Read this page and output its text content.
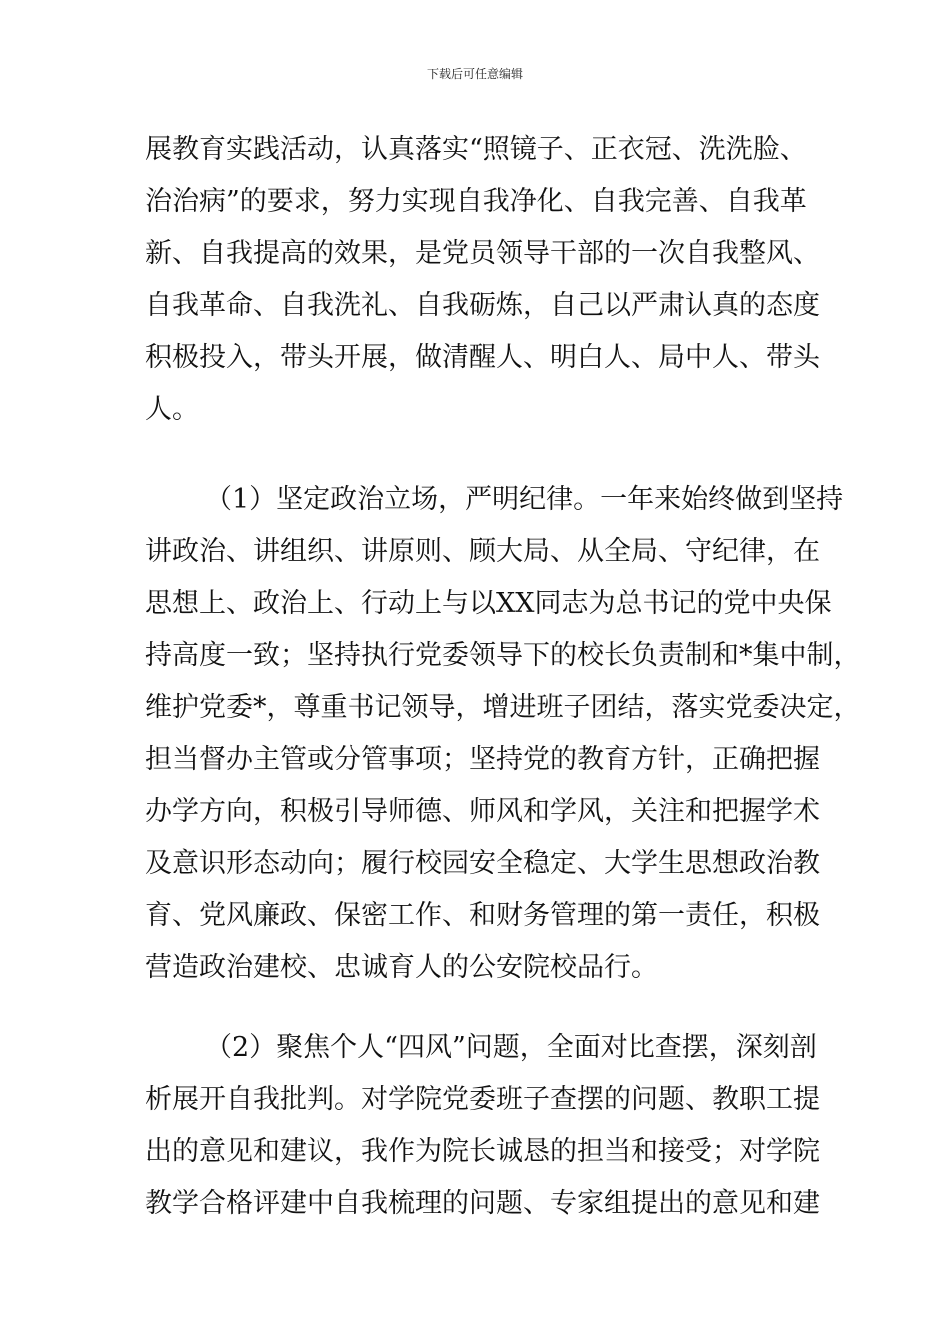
下载后可任意编辑
展教育实践活动，认真落实“照镜子、正衣冠、洗洗脸、
治治病”的要求，努力实现自我净化、自我完善、自我革
新、自我提高的效果，是党员领导干部的一次自我整风、
自我革命、自我洗礼、自我砺炼，自己以严肃认真的态度
积极投入，带头开展，做清醒人、明白人、局中人、带头
人。
（1）坚定政治立场，严明纪律。一年来始终做到坚持
讲政治、讲组织、讲原则、顾大局、从全局、守纪律，在
思想上、政治上、行动上与以XX同志为总书记的党中央保
持高度一致；坚持执行党委领导下的校长负责制和*集中制，
维护党委*，尊重书记领导，增进班子团结，落实党委决定，
担当督办主管或分管事项；坚持党的教育方针，正确把握
办学方向，积极引导师德、师风和学风，关注和把握学术
及意识形态动向；履行校园安全稳定、大学生思想政治教
育、党风廉政、保密工作、和财务管理的第一责任，积极
营造政治建校、忠诚育人的公安院校品行。
（2）聚焦个人“四风”问题，全面对比查摆，深刻剖
析展开自我批判。对学院党委班子查摆的问题、教职工提
出的意见和建议，我作为院长诚恳的担当和接受；对学院
教学合格评建中自我梳理的问题、专家组提出的意见和建
